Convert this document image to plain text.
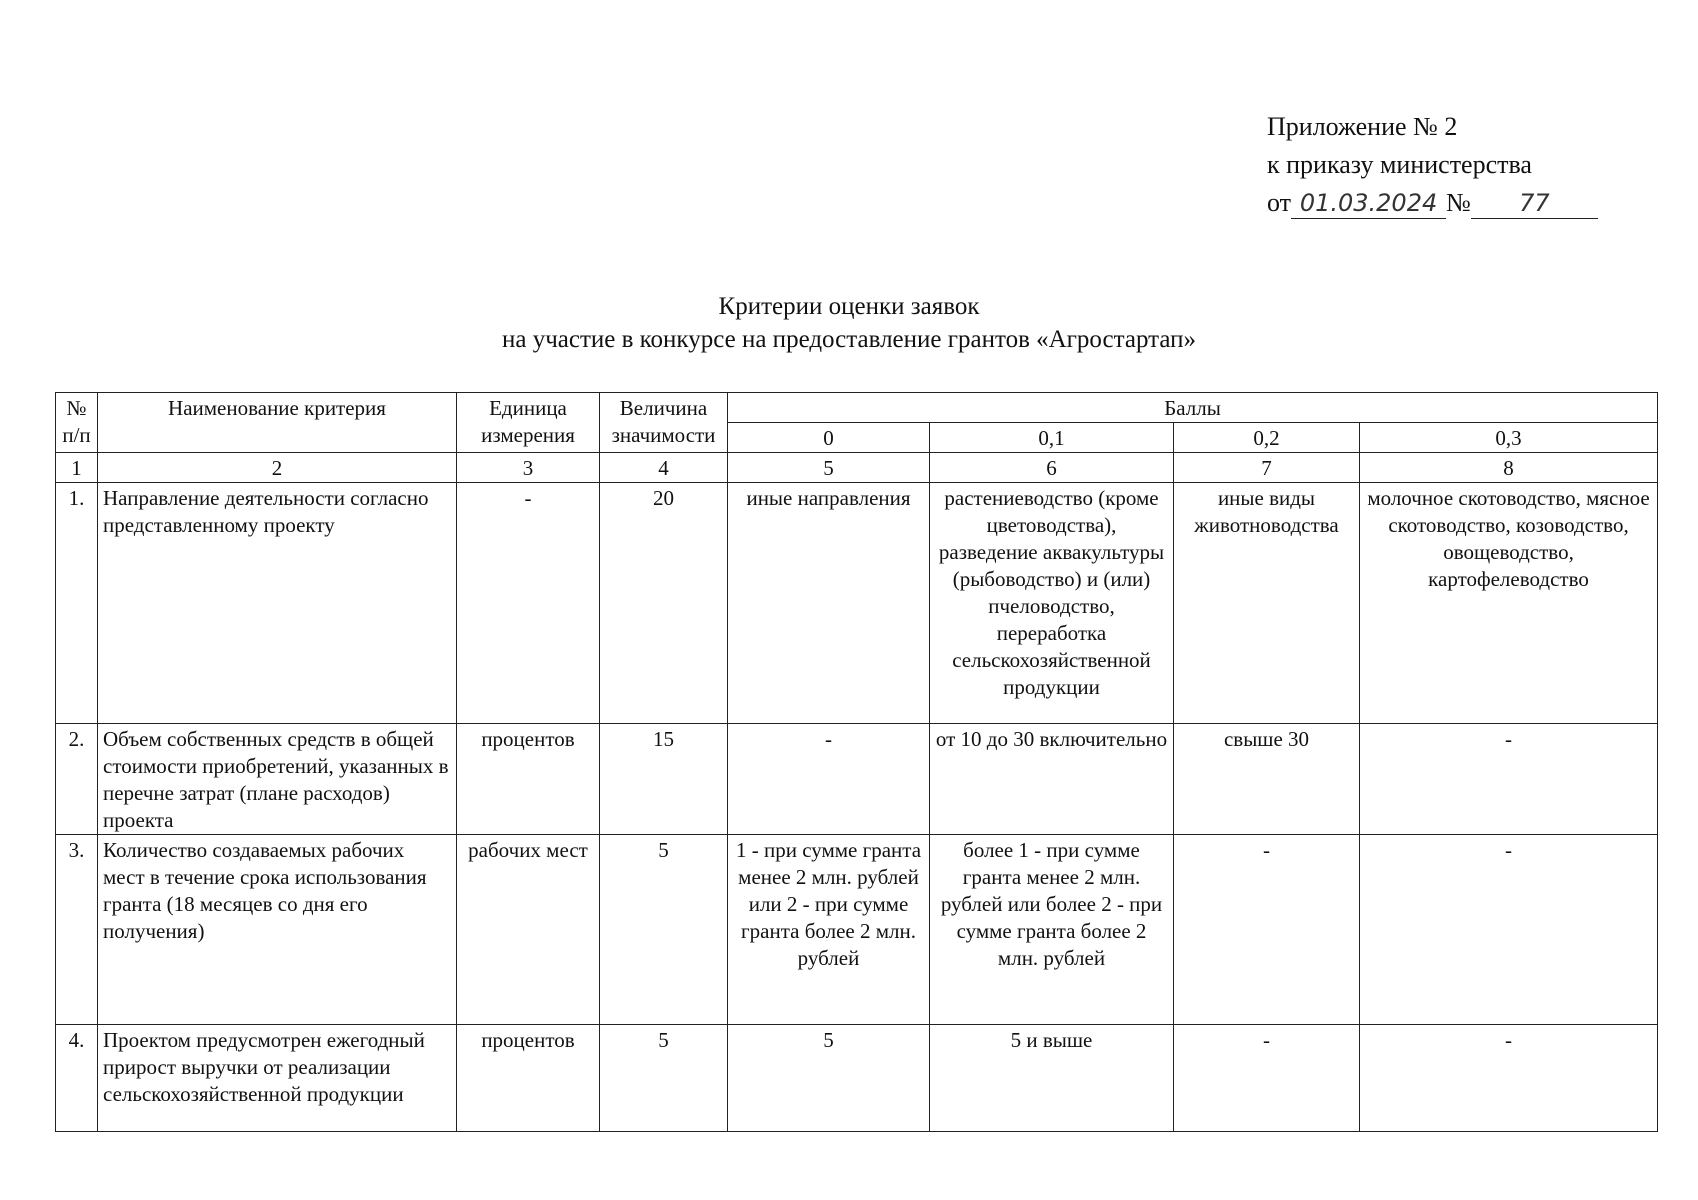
Приложение № 2
к приказу министерства
от 01.03.2024 № 77
Критерии оценки заявок
на участие в конкурсе на предоставление грантов «Агростартап»
№ п/п	Наименование критерия	Единица измерения	Величина значимости	Баллы			
				0	0,1	0,2	0,3
1	2	3	4	5	6	7	8
1.	Направление деятельности согласно представленному проекту	-	20	иные направления	растениеводство (кроме цветоводства), разведение аквакультуры (рыбоводство) и (или) пчеловодство, переработка сельскохозяйственной продукции	иные виды животноводства	молочное скотоводство, мясное скотоводство, козоводство, овощеводство, картофелеводство
2.	Объем собственных средств в общей стоимости приобретений, указанных в перечне затрат (плане расходов) проекта	процентов	15	-	от 10 до 30 включительно	свыше 30	-
3.	Количество создаваемых рабочих мест в течение срока использования гранта (18 месяцев со дня его получения)	рабочих мест	5	1 - при сумме гранта менее 2 млн. рублей или 2 - при сумме гранта более 2 млн. рублей	более 1 - при сумме гранта менее 2 млн. рублей или более 2 - при сумме гранта более 2 млн. рублей	-	-
4.	Проектом предусмотрен ежегодный прирост выручки от реализации сельскохозяйственной продукции	процентов	5	5	5 и выше	-	-
